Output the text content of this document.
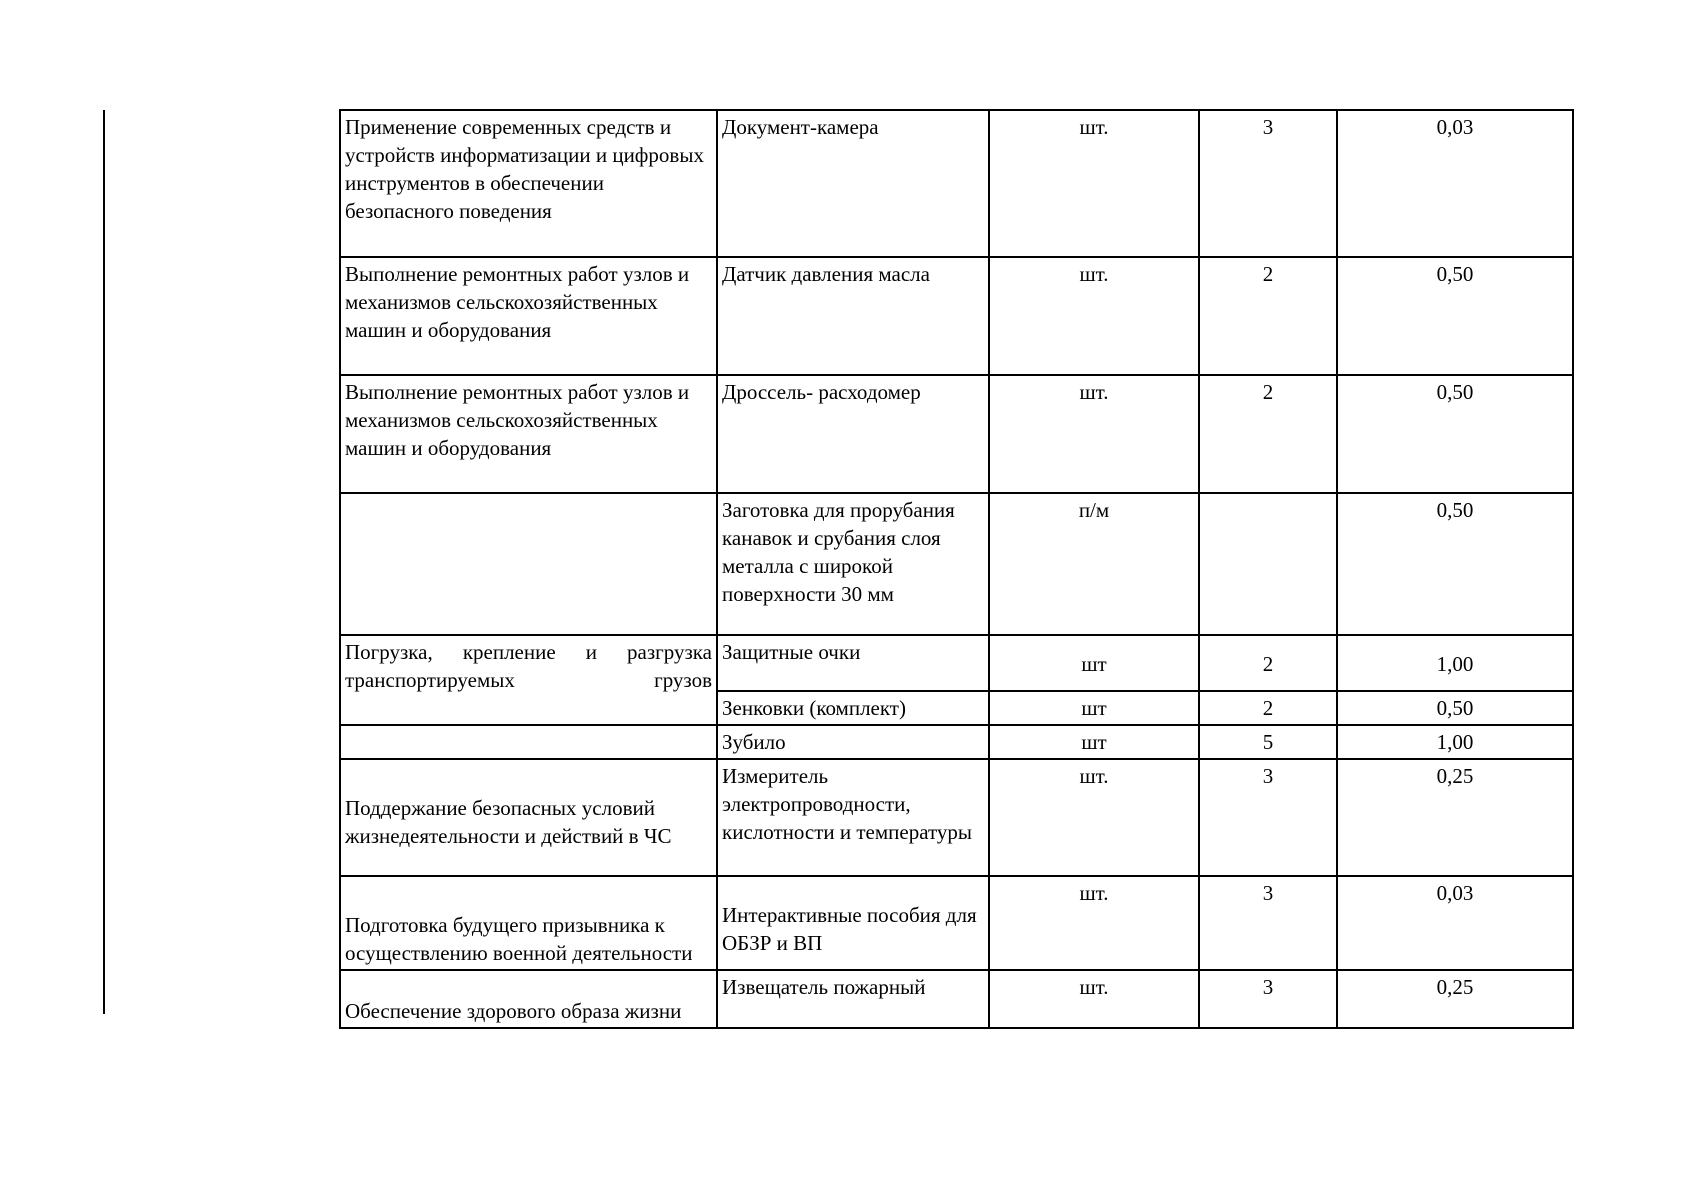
Применение современных средств и устройств информатизации и цифровых инструментов в обеспечении безопасного поведения	Документ-камера	шт.	3	0,03
Выполнение ремонтных работ узлов и механизмов сельскохозяйственных машин и оборудования	Датчик давления масла	шт.	2	0,50
Выполнение ремонтных работ узлов и механизмов сельскохозяйственных машин и оборудования	Дроссель- расходомер	шт.	2	0,50
	Заготовка для прорубания канавок и срубания слоя металла с широкой поверхности 30 мм	п/м		0,50
Погрузка, крепление и разгрузка транспортируемых грузов	Защитные очки	шт	2	1,00
	Зенковки (комплект)	шт	2	0,50
	Зубило	шт	5	1,00
Поддержание безопасных условий жизнедеятельности и действий в ЧС	Измеритель электропроводности, кислотности и температуры	шт.	3	0,25
Подготовка будущего призывника к осуществлению военной деятельности	Интерактивные пособия для ОБЗР и ВП	шт.	3	0,03
Обеспечение здорового образа жизни	Извещатель пожарный	шт.	3	0,25
